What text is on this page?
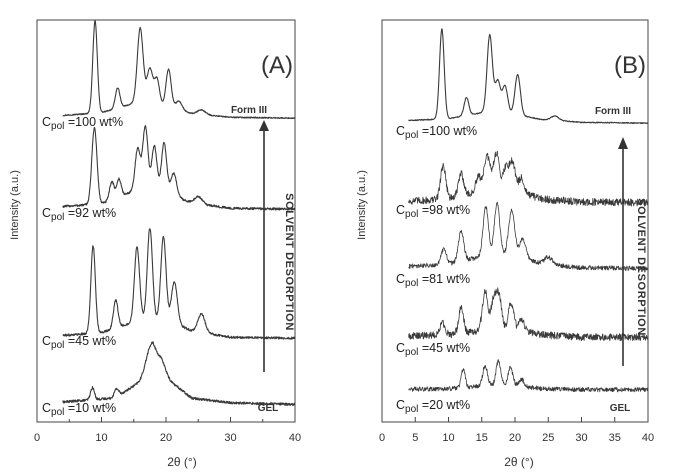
(A)
0	10	20	30	40
2θ (°)
Intensity (a.u.)
$C_{pol} =100$ wt%
$C_{pol} =92$ wt%
$C_{pol} =45$ wt%
$C_{pol} =10$ wt%
Form III
GEL
SOLVENT DESORPTION
(B)
0 5 10 15 20 25 30 35 40
2θ (°)
Intensity (a.u.)
$C_{pol} =100$ wt%
$C_{pol} =98$ wt%
$C_{pol} =81$ wt%
$C_{pol} =45$ wt%
$C_{pol} =20$ wt%
Form III
GEL
SOLVENT DESORPTION
